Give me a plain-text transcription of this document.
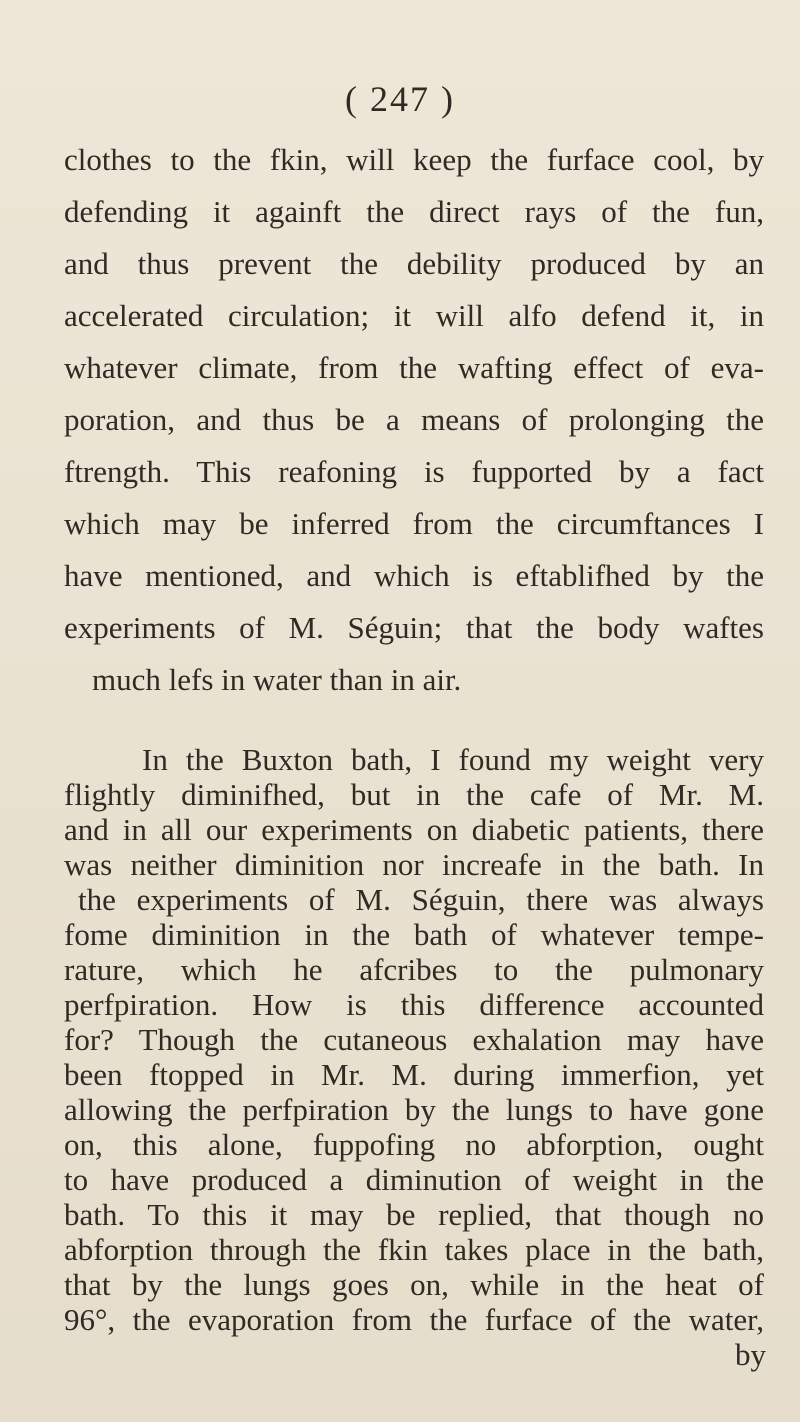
( 247 )
clothes to the fkin, will keep the furface cool, by
defending it againft the direct rays of the fun,
and thus prevent the debility produced by an
accelerated circulation; it will alfo defend it, in
whatever climate, from the wafting effect of eva-
poration, and thus be a means of prolonging the
ftrength. This reafoning is fupported by a fact
which may be inferred from the circumftances I
have mentioned, and which is eftablifhed by the
experiments of M. Séguin; that the body waftes
much lefs in water than in air.
In the Buxton bath, I found my weight very
flightly diminifhed, but in the cafe of Mr. M.
and in all our experiments on diabetic patients, there
was neither diminition nor increafe in the bath. In
the experiments of M. Séguin, there was always
fome diminition in the bath of whatever tempe-
rature, which he afcribes to the pulmonary
perfpiration. How is this difference accounted
for? Though the cutaneous exhalation may have
been ftopped in Mr. M. during immerfion, yet
allowing the perfpiration by the lungs to have gone
on, this alone, fuppofing no abforption, ought
to have produced a diminution of weight in the
bath. To this it may be replied, that though no
abforption through the fkin takes place in the bath,
that by the lungs goes on, while in the heat of
96°, the evaporation from the furface of the water,
by
